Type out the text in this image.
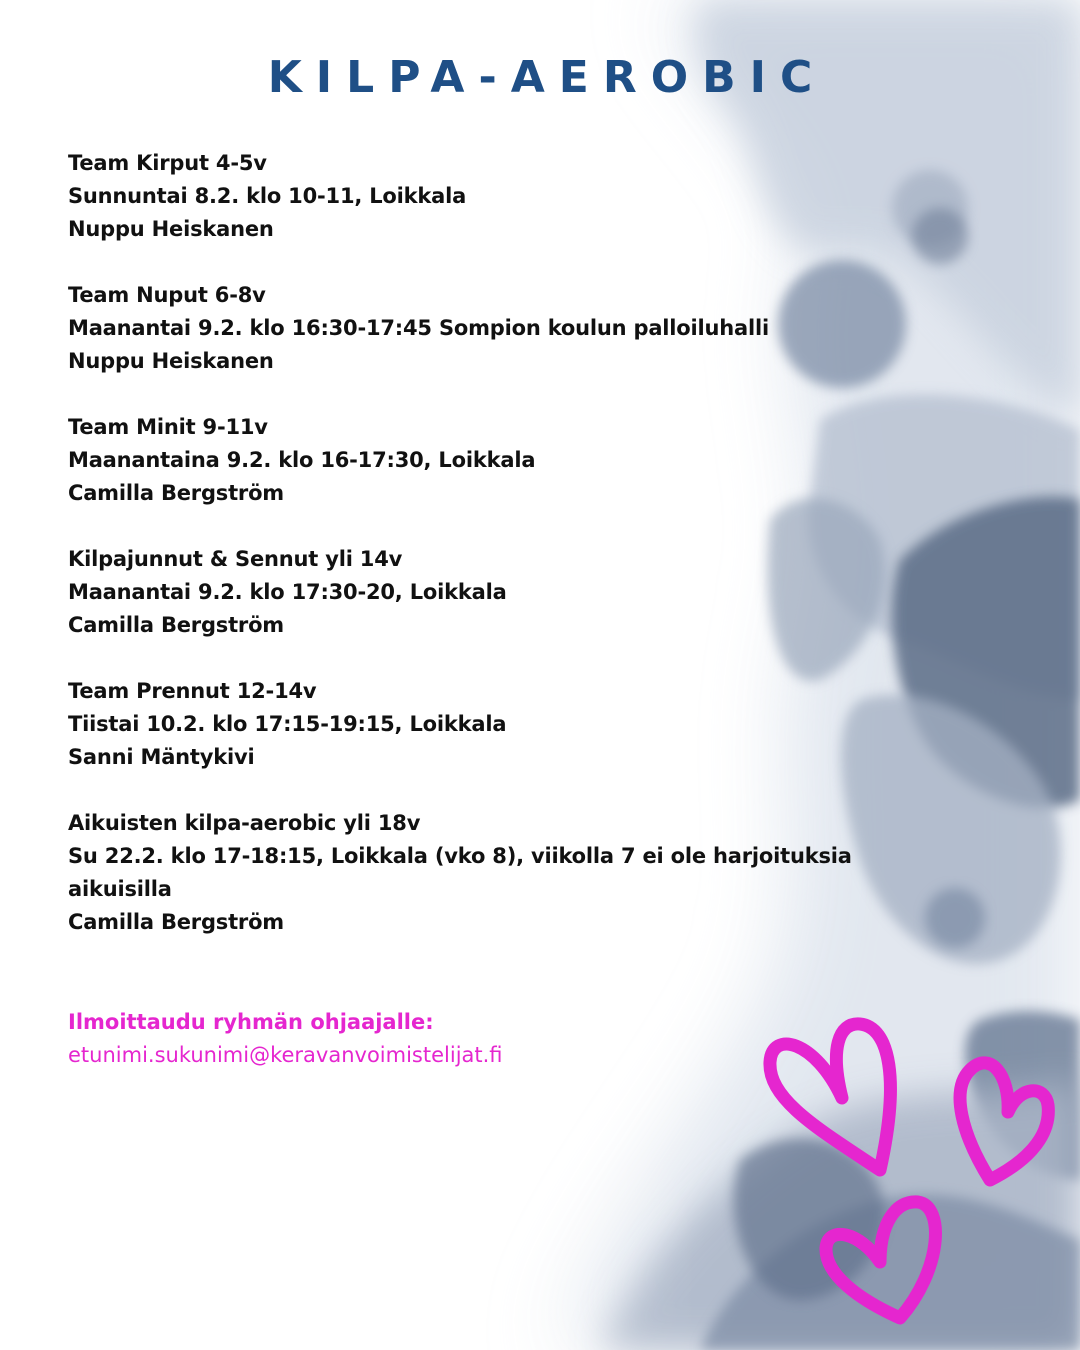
KILPA-AEROBIC

Team Kirput 4-5v

Sunnuntai 8.2. klo 10-11, Loikkala

Nuppu Heiskanen

Team Nuput 6-8v

Maanantai 9.2. klo 16:30-17:45 Sompion koulun palloiluhalli

Nuppu Heiskanen

Team Minit 9-11v

Maanantaina 9.2. klo 16-17:30, Loikkala

Camilla Bergström

Kilpajunnut & Sennut yli 14v

Maanantai 9.2. klo 17:30-20, Loikkala

Camilla Bergström

Team Prennut 12-14v

Tiistai 10.2. klo 17:15-19:15, Loikkala

Sanni Mäntykivi

Aikuisten kilpa-aerobic yli 18v

Su 22.2. klo 17-18:15, Loikkala (vko 8), viikolla 7 ei ole harjoituksia

aikuisilla

Camilla Bergström

Ilmoittaudu ryhmän ohjaajalle:

etunimi.sukunimi@keravanvoimistelijat.fi
